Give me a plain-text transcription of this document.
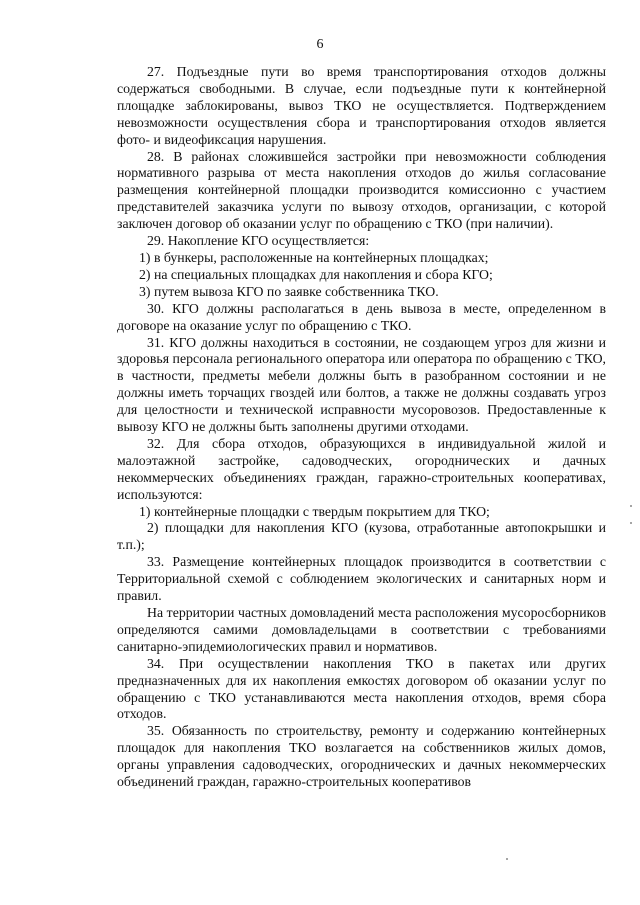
6

27. Подъездные пути во время транспортирования отходов должны содержаться свободными. В случае, если подъездные пути к контейнерной площадке заблокированы, вывоз ТКО не осуществляется. Подтверждением невозможности осуществления сбора и транспортирования отходов является фото- и видеофиксация нарушения.

28. В районах сложившейся застройки при невозможности соблюдения нормативного разрыва от места накопления отходов до жилья согласование размещения контейнерной площадки производится комиссионно с участием представителей заказчика услуги по вывозу отходов, организации, с которой заключен договор об оказании услуг по обращению с ТКО (при наличии).

29. Накопление КГО осуществляется:

1) в бункеры, расположенные на контейнерных площадках;

2) на специальных площадках для накопления и сбора КГО;

3) путем вывоза КГО по заявке собственника ТКО.

30. КГО должны располагаться в день вывоза в месте, определенном в договоре на оказание услуг по обращению с ТКО.

31. КГО должны находиться в состоянии, не создающем угроз для жизни и здоровья персонала регионального оператора или оператора по обращению с ТКО, в частности, предметы мебели должны быть в разобранном состоянии и не должны иметь торчащих гвоздей или болтов, а также не должны создавать угроз для целостности и технической исправности мусоровозов. Предоставленные к вывозу КГО не должны быть заполнены другими отходами.

32. Для сбора отходов, образующихся в индивидуальной жилой и малоэтажной застройке, садоводческих, огороднических и дачных некоммерческих объединениях граждан, гаражно-строительных кооперативах, используются:

1) контейнерные площадки с твердым покрытием для ТКО;

2) площадки для накопления КГО (кузова, отработанные автопокрышки и т.п.);

33. Размещение контейнерных площадок производится в соответствии с Территориальной схемой с соблюдением экологических и санитарных норм и правил.

На территории частных домовладений места расположения мусоросборников определяются самими домовладельцами в соответствии с требованиями санитарно-эпидемиологических правил и нормативов.

34. При осуществлении накопления ТКО в пакетах или других предназначенных для их накопления емкостях договором об оказании услуг по обращению с ТКО устанавливаются места накопления отходов, время сбора отходов.

35. Обязанность по строительству, ремонту и содержанию контейнерных площадок для накопления ТКО возлагается на собственников жилых домов, органы управления садоводческих, огороднических и дачных некоммерческих объединений граждан, гаражно-строительных кооперативов
